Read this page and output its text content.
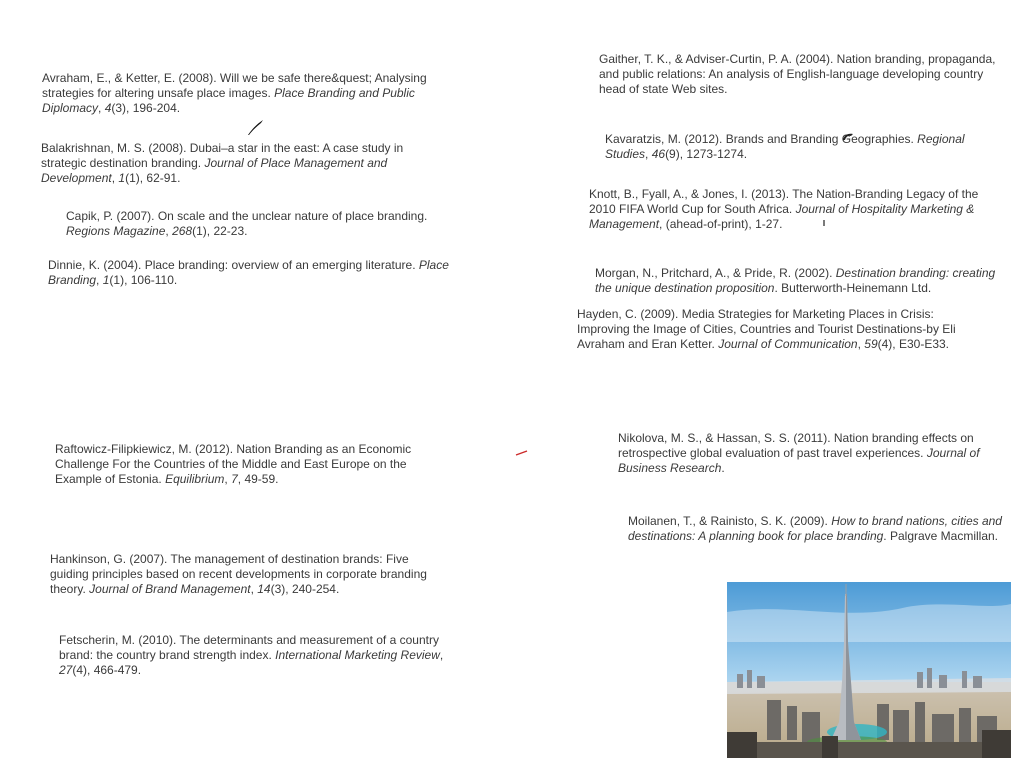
Avraham, E., & Ketter, E. (2008). Will we be safe there&quest; Analysing strategies for altering unsafe place images. Place Branding and Public Diplomacy, 4(3), 196-204.
Balakrishnan, M. S. (2008). Dubai–a star in the east: A case study in strategic destination branding. Journal of Place Management and Development, 1(1), 62-91.
Capik, P. (2007). On scale and the unclear nature of place branding. Regions Magazine, 268(1), 22-23.
Dinnie, K. (2004). Place branding: overview of an emerging literature. Place Branding, 1(1), 106-110.
Raftowicz-Filipkiewicz, M. (2012). Nation Branding as an Economic Challenge For the Countries of the Middle and East Europe on the Example of Estonia. Equilibrium, 7, 49-59.
Hankinson, G. (2007). The management of destination brands: Five guiding principles based on recent developments in corporate branding theory. Journal of Brand Management, 14(3), 240-254.
Fetscherin, M. (2010). The determinants and measurement of a country brand: the country brand strength index. International Marketing Review, 27(4), 466-479.
Gaither, T. K., & Adviser-Curtin, P. A. (2004). Nation branding, propaganda, and public relations: An analysis of English-language developing country head of state Web sites.
Kavaratzis, M. (2012). Brands and Branding Geographies. Regional Studies, 46(9), 1273-1274.
Knott, B., Fyall, A., & Jones, I. (2013). The Nation-Branding Legacy of the 2010 FIFA World Cup for South Africa. Journal of Hospitality Marketing & Management, (ahead-of-print), 1-27.
Morgan, N., Pritchard, A., & Pride, R. (2002). Destination branding: creating the unique destination proposition. Butterworth-Heinemann Ltd.
Hayden, C. (2009). Media Strategies for Marketing Places in Crisis: Improving the Image of Cities, Countries and Tourist Destinations-by Eli Avraham and Eran Ketter. Journal of Communication, 59(4), E30-E33.
Nikolova, M. S., & Hassan, S. S. (2011). Nation branding effects on retrospective global evaluation of past travel experiences. Journal of Business Research.
Moilanen, T., & Rainisto, S. K. (2009). How to brand nations, cities and destinations: A planning book for place branding. Palgrave Macmillan.
